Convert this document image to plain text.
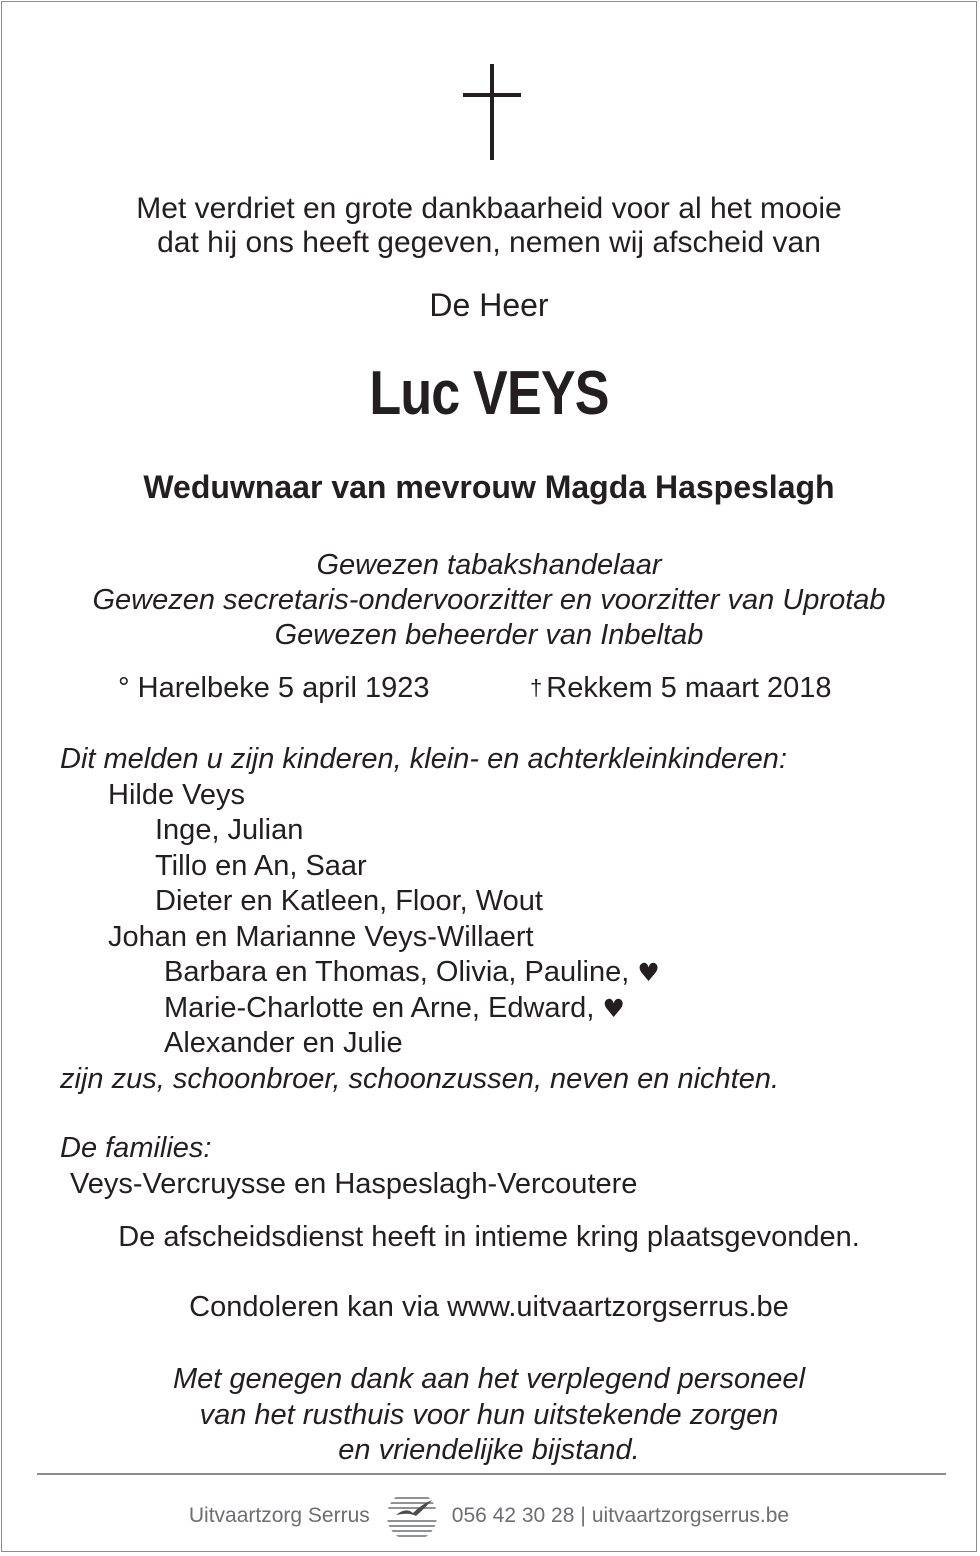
Met verdriet en grote dankbaarheid voor al het mooie
dat hij ons heeft gegeven, nemen wij afscheid van
De Heer
Luc VEYS
Weduwnaar van mevrouw Magda Haspeslagh
Gewezen tabakshandelaar
Gewezen secretaris-ondervoorzitter en voorzitter van Uprotab
Gewezen beheerder van Inbeltab
° Harelbeke 5 april 1923	† Rekkem 5 maart 2018
Dit melden u zijn kinderen, klein- en achterkleinkinderen:
Hilde Veys
Inge, Julian
Tillo en An, Saar
Dieter en Katleen, Floor, Wout
Johan en Marianne Veys-Willaert
Barbara en Thomas, Olivia, Pauline, ♥
Marie-Charlotte en Arne, Edward, ♥
Alexander en Julie
zijn zus, schoonbroer, schoonzussen, neven en nichten.
De families:
Veys-Vercruysse en Haspeslagh-Vercoutere
De afscheidsdienst heeft in intieme kring plaatsgevonden.
Condoleren kan via www.uitvaartzorgserrus.be
Met genegen dank aan het verplegend personeel
van het rusthuis voor hun uitstekende zorgen
en vriendelijke bijstand.
Uitvaartzorg Serrus	056 42 30 28 | uitvaartzorgserrus.be
